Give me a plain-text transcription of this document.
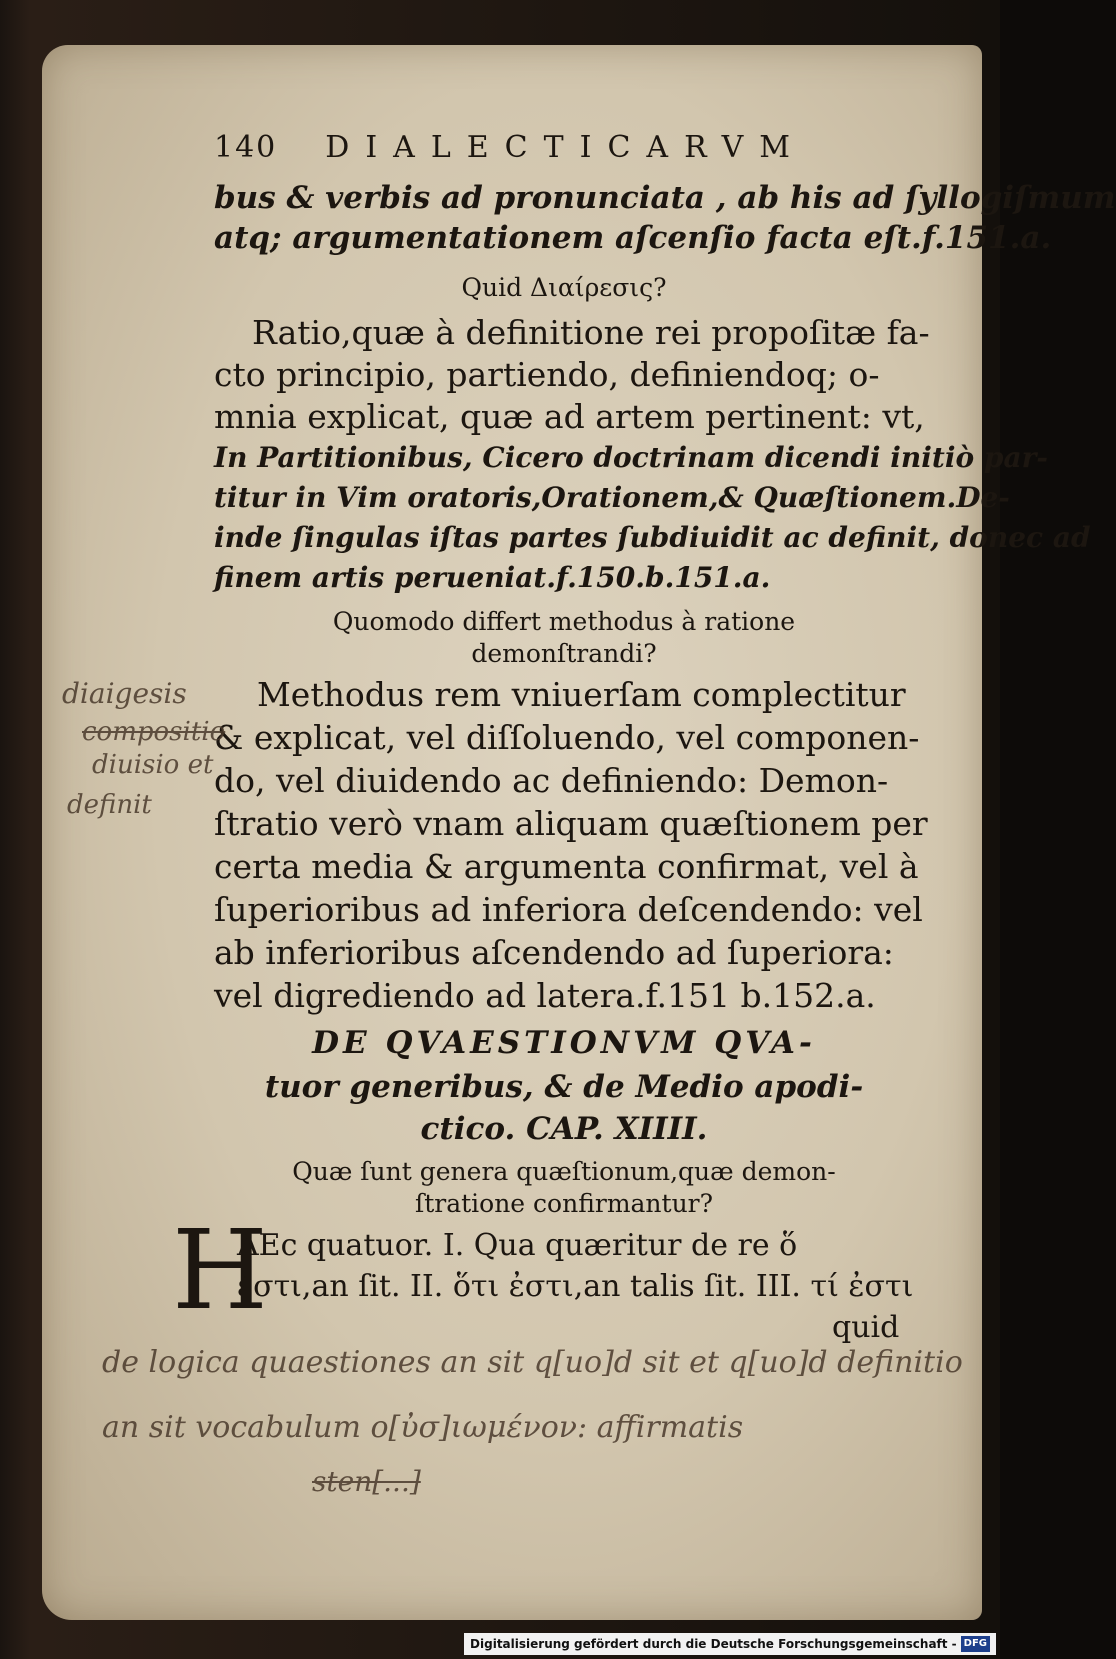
140 DIALECTICARVM
bus & verbis ad pronunciata , ab his ad ſyllogiſmum
atq; argumentationem aſcenſio facta eſt.f.151.a.
Quid Διαίρεσις?
Ratio,quæ à definitione rei propoſitæ fa-
cto principio, partiendo, definiendoq; o-
mnia explicat, quæ ad artem pertinent: vt,
In Partitionibus, Cicero doctrinam dicendi initiò par-
titur in Vim oratoris,Orationem,& Quæſtionem.De-
inde ſingulas iſtas partes ſubdiuidit ac definit, donec ad
finem artis perueniat.f.150.b.151.a.
Quomodo differt methodus à ratione
demonſtrandi?
Methodus rem vniuerſam complectitur
& explicat, vel diſſoluendo, vel componen-
do, vel diuidendo ac definiendo: Demon-
ſtratio verò vnam aliquam quæſtionem per
certa media & argumenta confirmat, vel à
ſuperioribus ad inferiora deſcendendo: vel
ab inferioribus aſcendendo ad ſuperiora:
vel digrediendo ad latera.f.151 b.152.a.
DE QVAESTIONVM QVA-
tuor generibus, & de Medio apodi-
ctico. CAP. XIIII.
Quæ ſunt genera quæſtionum,quæ demon-
ſtratione confirmantur?
H
AEc quatuor. I. Qua quæritur de re ὅ
ἐστι,an ſit. II. ὅτι ἐστι,an talis ſit. III. τί ἐστι
quid
diaigesis
compositio
diuisio et
definit
de logica quaestiones an sit q[uo]d sit et q[uo]d definitio
an sit vocabulum ο[ὐσ]ιωμένον: affirmatis
sten[...]
Digitalisierung gefördert durch die Deutsche Forschungsgemeinschaft - DFG
